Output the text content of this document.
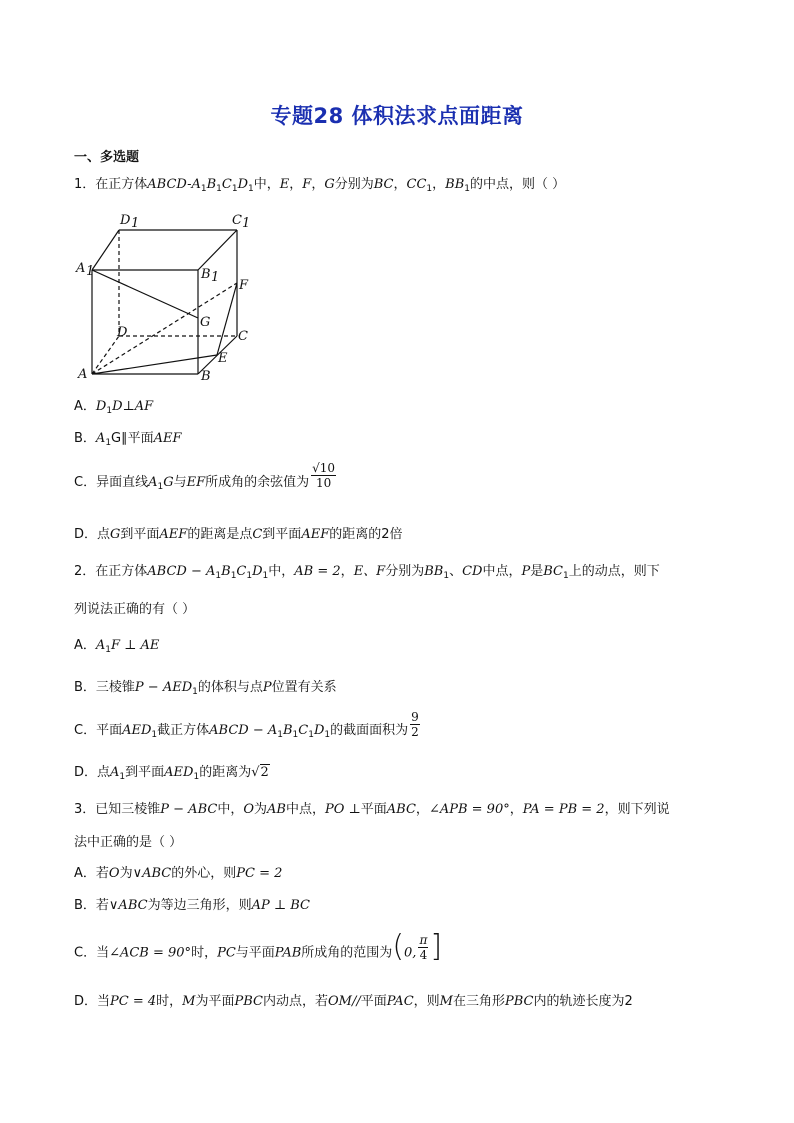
专题28 体积法求点面距离
一、多选题
1．在正方体ABCD-$A_1B_1C_1D_1$中，E，F，G分别为BC，$CC_1$，$BB_1$的中点，则（ ）
D 1	C 1
A 1	B 1
F
G
D	C
E
A	B
A．$D_1D\perp AF$
B．$A_1G\parallel$平面AEF
C．异面直线$A_1G$与EF所成角的余弦值为 $\frac{√10}{10}$
D．点G到平面AEF的距离是点C到平面AEF的距离的2倍
2．在正方体ABCD − $A_1B_1C_1D_1$中，AB = 2，E、F分别为$BB_1$、CD中点，P是$BC_1$上的动点，则下
列说法正确的有（ ）
A．$A_1F$ ⊥ AE
B．三棱锥$P - AED_1$的体积与点P位置有关系
C．平面$AED_1$截正方体ABCD − $A_1B_1C_1D_1$的截面面积为 $\frac{9}{2}$
D．点$A_1$到平面$AED_1$的距离为√2
3．已知三棱锥P − ABC中，O为AB中点，PO ⊥平面ABC，∠APB = 90°，PA = PB = 2，则下列说
法中正确的是（ ）
A．若O为∨ABC的外心，则PC = 2
B．若∨ABC为等边三角形，则AP ⊥ BC
C．当∠ACB = 90°时，PC与平面PAB所成角的范围为(0, $\frac{\pi}{4}$ ]
D．当PC = 4时，M为平面PBC内动点，若OM//平面PAC，则M在三角形PBC内的轨迹长度为2
